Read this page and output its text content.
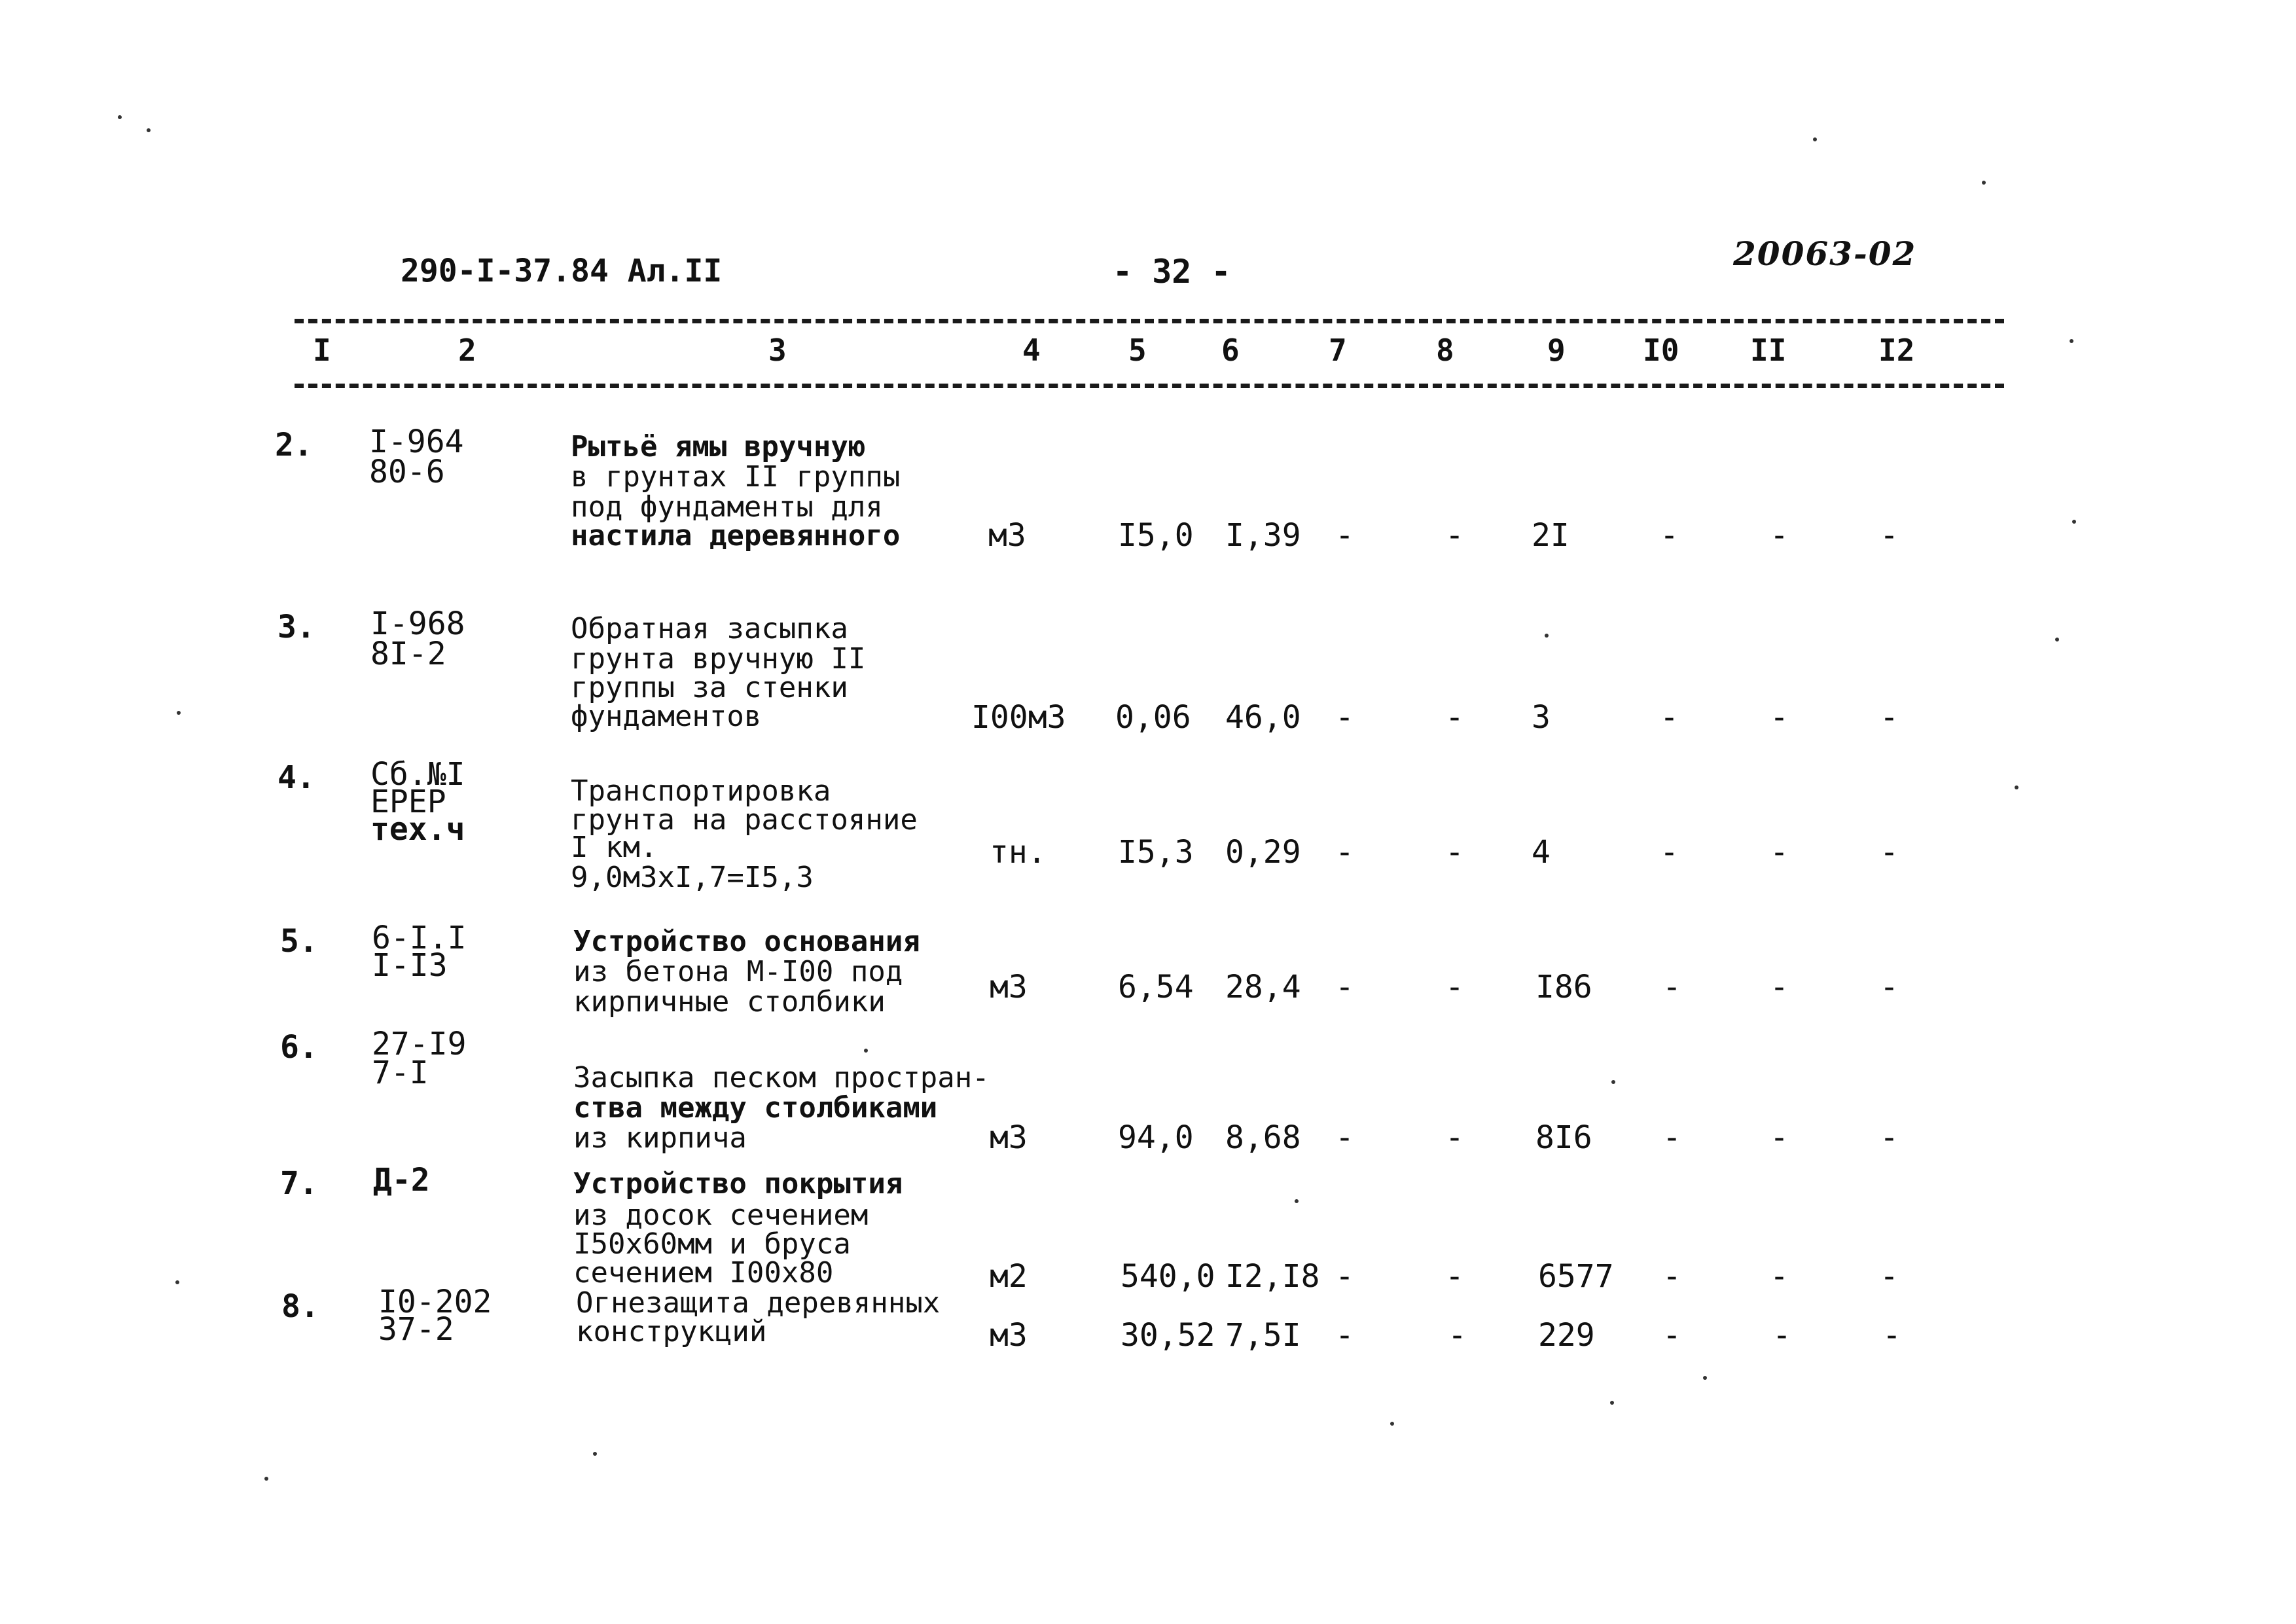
290-I-37.84 Ал.II	- 32 -	20063-02
I	2	3	4	5 6	7	8	9	I0 II	I2
2. I-964
80-6
Рытьё ямы вручную
в грунтах II группы
под фундаменты для
настила деревянного	м3	I5,0 I,39 -	- 2I	-	-	-
3. I-968
8I-2
Обратная засыпка
грунта вручную II
группы за стенки
фундаментов	I00м3 0,06 46,0 -	- 3	-	-	-
4. Сб.№I
ЕРЕР
тех.ч
Транспортировка
грунта на расстояние
I км.
9,0м3хI,7=I5,3
тн. I5,3 0,29 -	- 4	-	-	-
5. 6-I.I
I-I3
Устройство основания
из бетона М-I00 под
кирпичные столбики	м3	6,54 28,4 -	- I86 -	-	-
6. 27-I9
7-I	Засыпка песком простран-
ства между столбиками
из кирпича	м3	94,0 8,68 -	- 8I6 -	-	-
7. Д-2	Устройство покрытия
из досок сечением
I50х60мм и бруса
сечением I00х80	м2	540,0 I2,I8 -	- 6577 -	-	-
8. I0-202
37-2
Огнезащита деревянных
конструкций	м3	30,52 7,5I -	- 229 -	-	-
